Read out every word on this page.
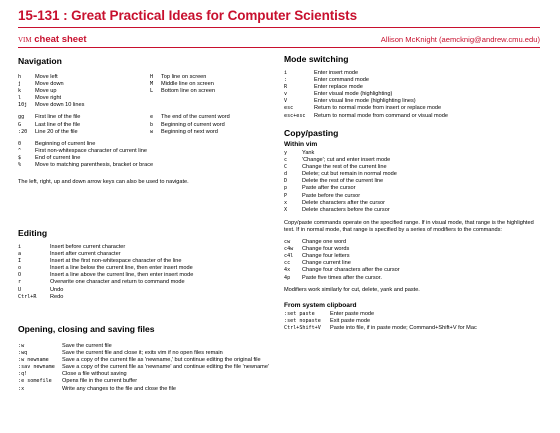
15-131 : Great Practical Ideas for Computer Scientists
vim cheat sheet	Allison McKnight (aemcknig@andrew.cmu.edu)
Navigation
h	Move left
j	Move down
k	Move up
l	Move right
10j	Move down 10 lines
H	Top line on screen
M	Middle line on screen
L	Bottom line on screen
gg	First line of the file
G	Last line of the file
:20	Line 20 of the file
e	The end of the current word
b	Beginning of current word
w	Beginning of next word
0	Beginning of current line
^	First non-whitespace character of current line
$	End of current line
%	Move to matching parenthesis, bracket or brace
The left, right, up and down arrow keys can also be used to navigate.
Editing
i	Insert before current character
a	Insert after current character
I	Insert at the first non-whitespace character of the line
o	Insert a line below the current line, then enter insert mode
O	Insert a line above the current line, then enter insert mode
r	Overwrite one character and return to command mode
U	Undo
Ctrl+R	Redo
Opening, closing and saving files
:w	Save the current file
:wq	Save the current file and close it; exits vim if no open files remain
:w newname	Save a copy of the current file as 'newname,' but continue editing the original file
:sav newname	Save a copy of the current file as 'newname' and continue editing the file 'newname'
:q!	Close a file without saving
:e somefile	Opens file in the current buffer
:x	Write any changes to the file and close the file
Mode switching
i	Enter insert mode
:	Enter command mode
R	Enter replace mode
v	Enter visual mode (highlighting)
V	Enter visual line mode (highlighting lines)
esc	Return to normal mode from insert or replace mode
esc+esc	Return to normal mode from command or visual mode
Copy/pasting
Within vim
y	Yank
c	'Change'; cut and enter insert mode
C	Change the rest of the current line
d	Delete; cut but remain in normal mode
D	Delete the rest of the current line
p	Paste after the cursor
P	Paste before the cursor
x	Delete characters after the cursor
X	Delete characters before the cursor
Copy/paste commands operate on the specified range. If in visual mode, that range is the highlighted text. If in normal mode, that range is specified by a series of modifiers to the commands:
cw	Change one word
c4w	Change four words
c4l	Change four letters
cc	Change current line
4x	Change four characters after the cursor
4p	Paste five times after the cursor.
Modifiers work similarly for cut, delete, yank and paste.
From system clipboard
:set paste	Enter paste mode
:set nopaste	Exit paste mode
Ctrl+Shift+V	Paste into file, if in paste mode; Command+Shift+V for Mac
